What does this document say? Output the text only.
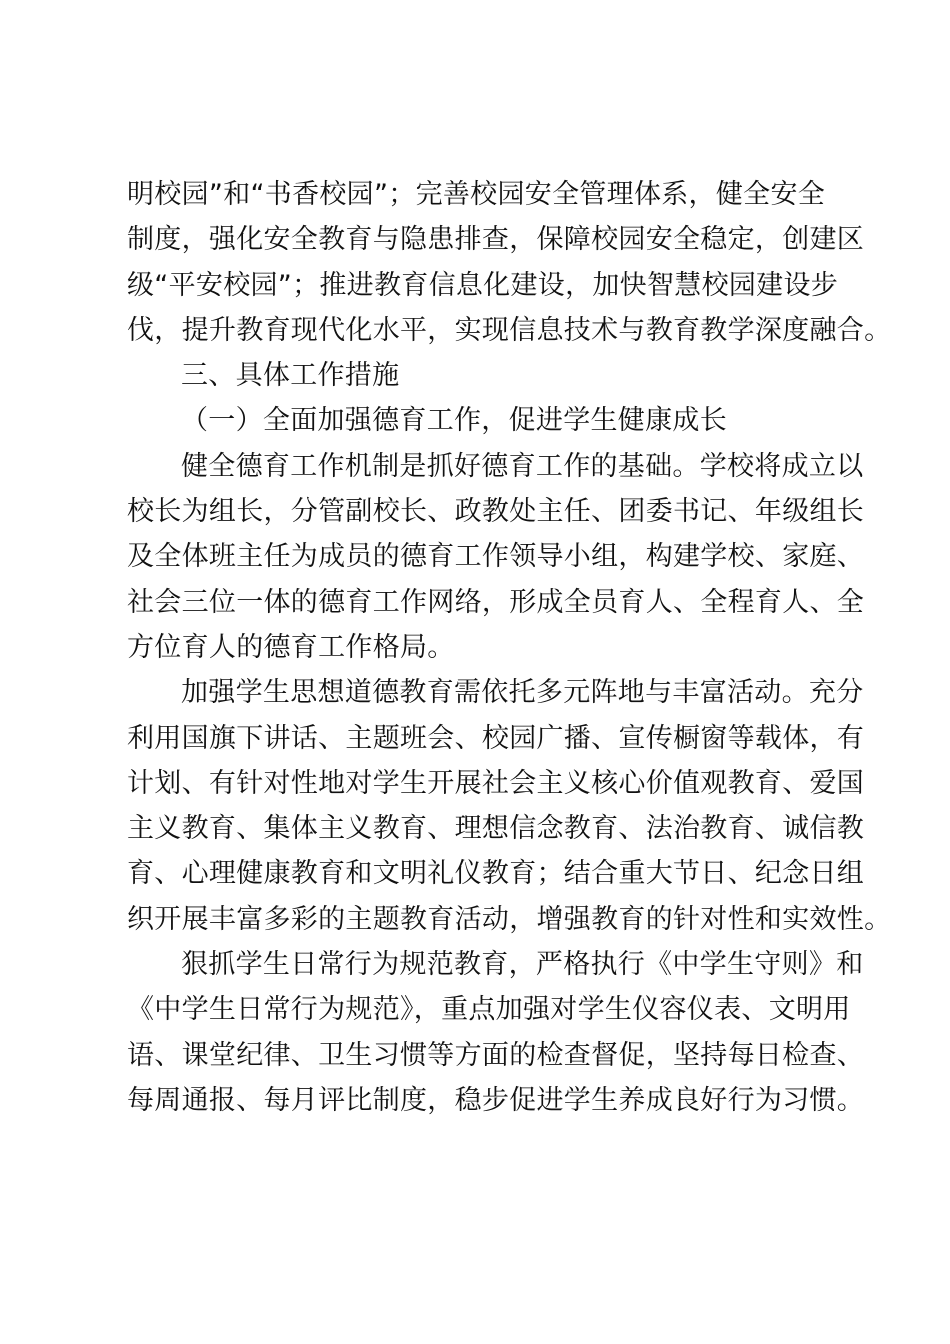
明校园”和“书香校园”；完善校园安全管理体系，健全安全
制度，强化安全教育与隐患排查，保障校园安全稳定，创建区
级“平安校园”；推进教育信息化建设，加快智慧校园建设步
伐，提升教育现代化水平，实现信息技术与教育教学深度融合。
三、具体工作措施
（一）全面加强德育工作，促进学生健康成长
健全德育工作机制是抓好德育工作的基础。学校将成立以
校长为组长，分管副校长、政教处主任、团委书记、年级组长
及全体班主任为成员的德育工作领导小组，构建学校、家庭、
社会三位一体的德育工作网络，形成全员育人、全程育人、全
方位育人的德育工作格局。
加强学生思想道德教育需依托多元阵地与丰富活动。充分
利用国旗下讲话、主题班会、校园广播、宣传橱窗等载体，有
计划、有针对性地对学生开展社会主义核心价值观教育、爱国
主义教育、集体主义教育、理想信念教育、法治教育、诚信教
育、心理健康教育和文明礼仪教育；结合重大节日、纪念日组
织开展丰富多彩的主题教育活动，增强教育的针对性和实效性。
狠抓学生日常行为规范教育，严格执行《中学生守则》和
《中学生日常行为规范》，重点加强对学生仪容仪表、文明用
语、课堂纪律、卫生习惯等方面的检查督促，坚持每日检查、
每周通报、每月评比制度，稳步促进学生养成良好行为习惯。
